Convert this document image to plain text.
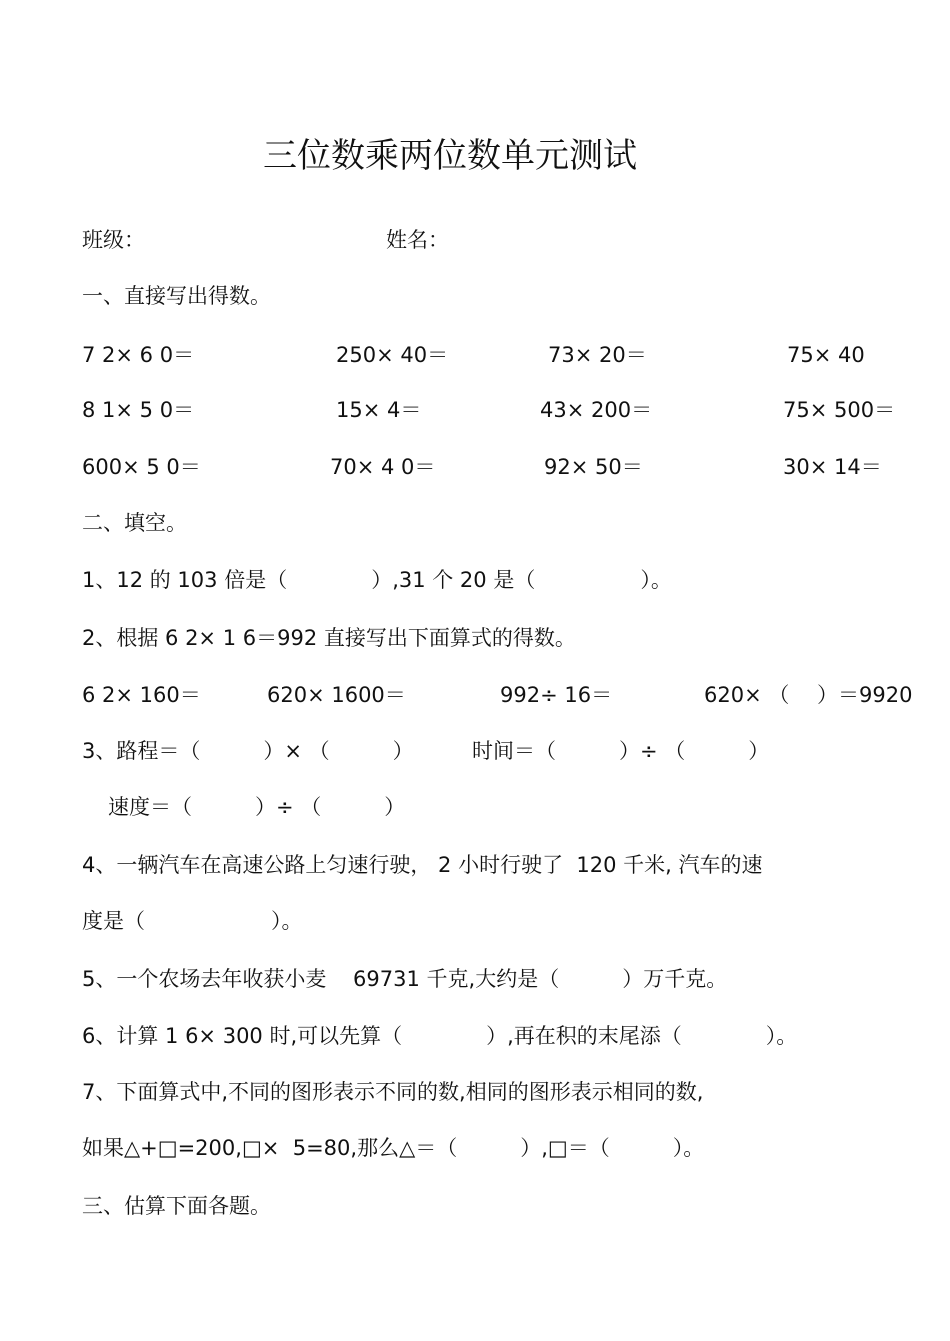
三位数乘两位数单元测试
班级：	姓名：
一、直接写出得数。
7 2× 6 0＝	250× 40＝	73× 20＝	75× 40
8 1× 5 0＝	15× 4＝	43× 200＝	75× 500＝
600× 5 0＝	70× 4 0＝	92× 50＝	30× 14＝
二、填空。
1、12 的 103 倍是（　　　　）,31 个 20 是（　　　　　）。
2、根据 6 2× 1 6＝992 直接写出下面算式的得数。
6 2× 160＝	620× 1600＝	992÷ 16＝	620× （　 ）＝9920
3、路程＝（　　　）× （　　　）	时间＝（　　　）÷ （　　　）
速度＝（　　　）÷ （　　　）
4、一辆汽车在高速公路上匀速行驶， 2 小时行驶了  120 千米, 汽车的速
度是（　　　　　　）。
5、一个农场去年收获小麦    69731 千克,大约是（　　　）万千克。
6、计算 1 6× 300 时,可以先算（　　　　）,再在积的末尾添（　　　　）。
7、下面算式中,不同的图形表示不同的数,相同的图形表示相同的数,
如果△+□=200,□×  5=80,那么△＝（　　　）,□＝（　　　）。
三、估算下面各题。
